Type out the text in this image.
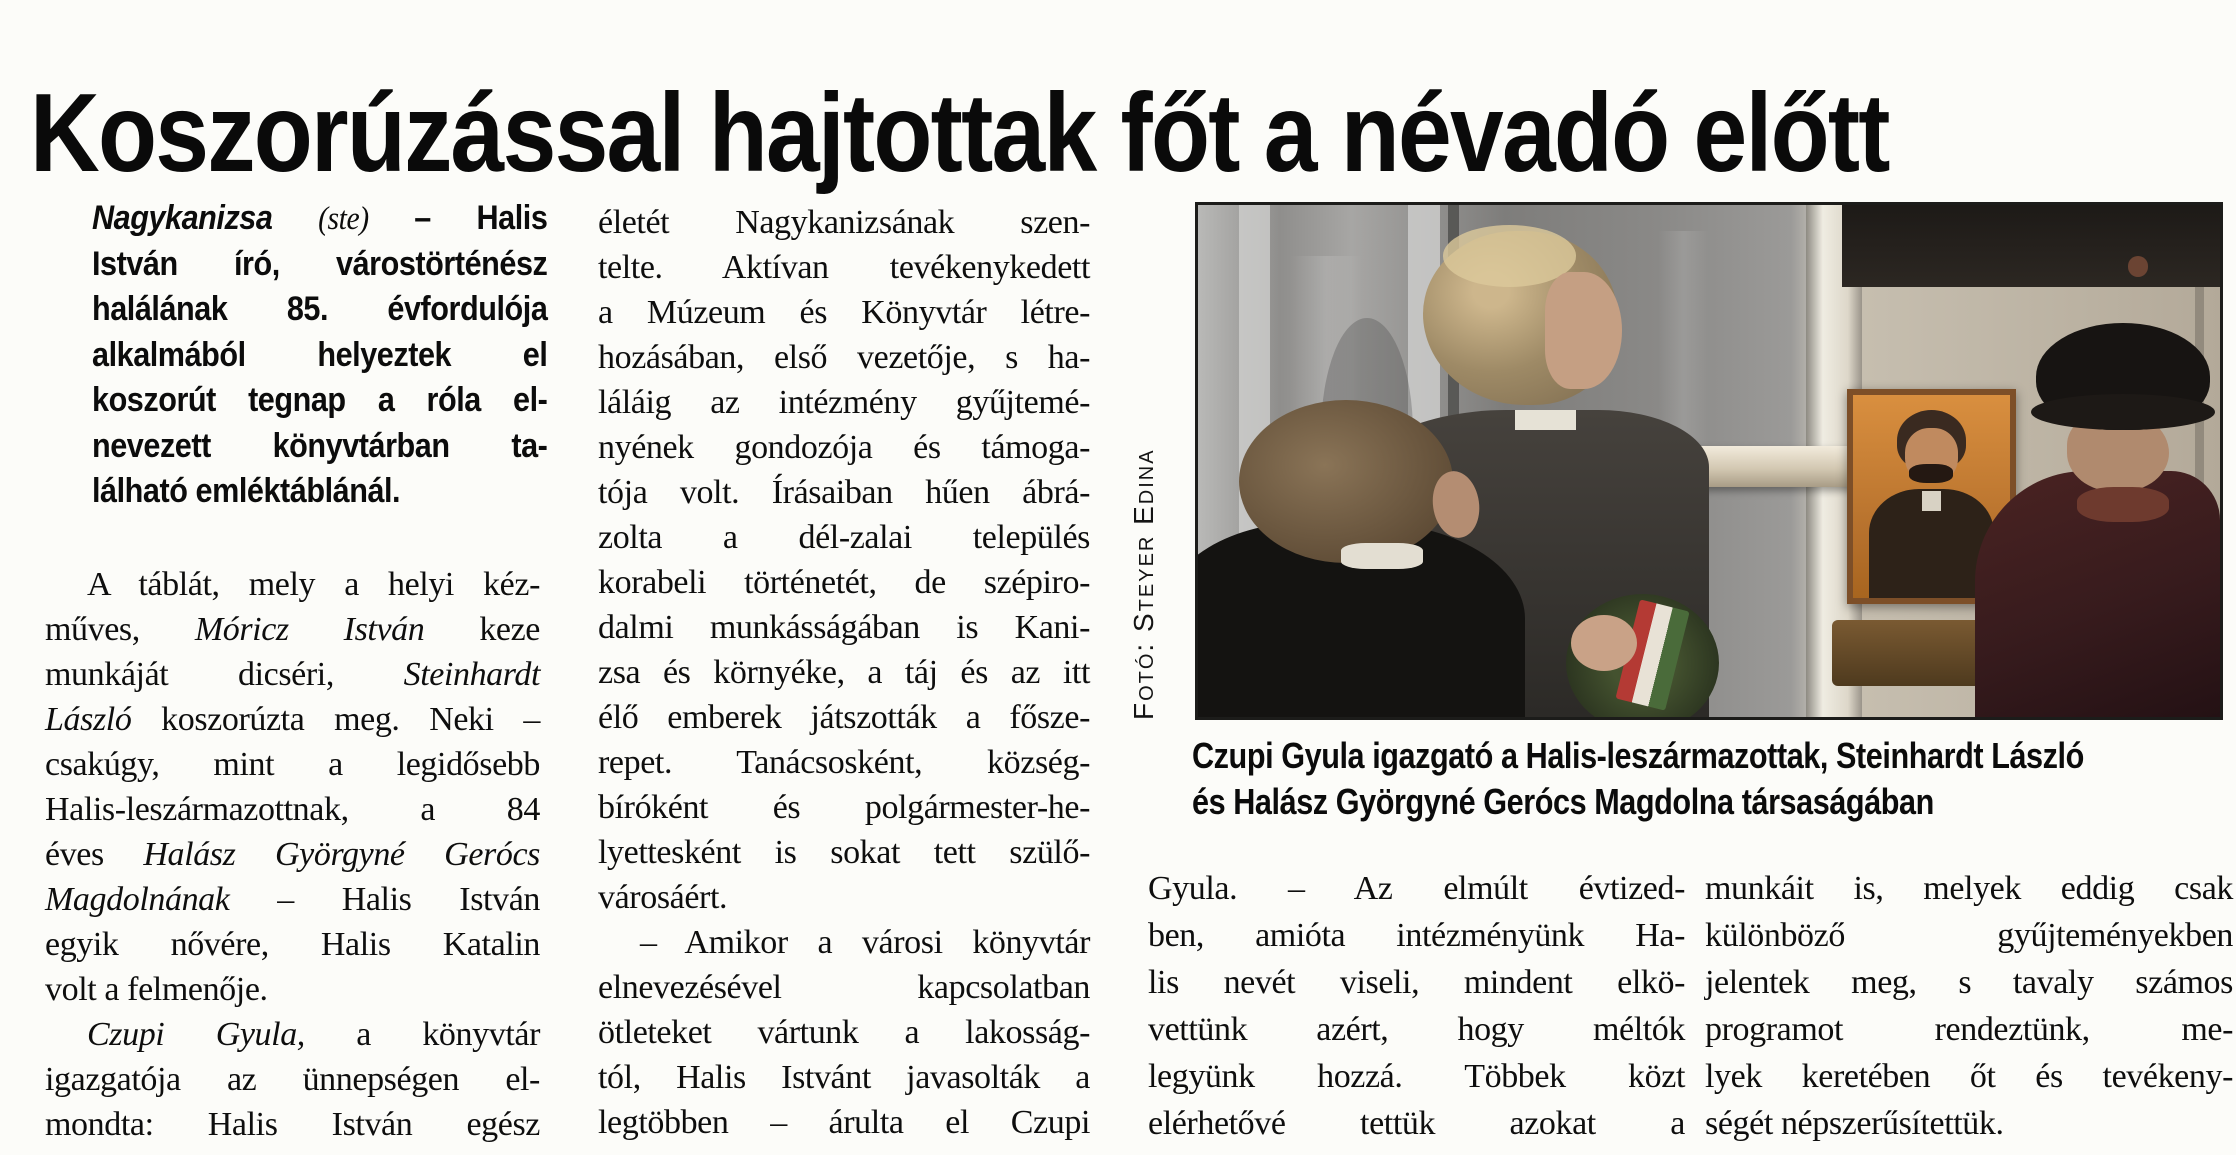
Koszorúzással hajtottak főt a névadó előtt
Nagykanizsa (ste) – Halis
István író, várostörténész
halálának 85. évfordulója
alkalmából helyeztek el
koszorút tegnap a róla el-
nevezett könyvtárban ta-
lálható emléktáblánál.
A táblát, mely a helyi kéz-
műves, Móricz István keze
munkáját dicséri, Steinhardt
László koszorúzta meg. Neki –
csakúgy, mint a legidősebb
Halis-leszármazottnak, a 84
éves Halász Györgyné Gerócs
Magdolnának – Halis István
egyik nővére, Halis Katalin
volt a felmenője.
Czupi Gyula, a könyvtár
igazgatója az ünnepségen el-
mondta: Halis István egész
életét Nagykanizsának szen-
telte. Aktívan tevékenykedett
a Múzeum és Könyvtár létre-
hozásában, első vezetője, s ha-
láláig az intézmény gyűjtemé-
nyének gondozója és támoga-
tója volt. Írásaiban hűen ábrá-
zolta a dél-zalai település
korabeli történetét, de szépiro-
dalmi munkásságában is Kani-
zsa és környéke, a táj és az itt
élő emberek játszották a fősze-
repet. Tanácsosként, község-
bíróként és polgármester-he-
lyettesként is sokat tett szülő-
városáért.
– Amikor a városi könyvtár
elnevezésével kapcsolatban
ötleteket vártunk a lakosság-
tól, Halis Istvánt javasolták a
legtöbben – árulta el Czupi
Gyula. – Az elmúlt évtized-
ben, amióta intézményünk Ha-
lis nevét viseli, mindent elkö-
vettünk azért, hogy méltók
legyünk hozzá. Többek közt
elérhetővé tettük azokat a
munkáit is, melyek eddig csak
különböző gyűjteményekben
jelentek meg, s tavaly számos
programot rendeztünk, me-
lyek keretében őt és tevékeny-
ségét népszerűsítettük.
Fotó: Steyer Edina
Czupi Gyula igazgató a Halis-leszármazottak, Steinhardt László
és Halász Györgyné Gerócs Magdolna társaságában
